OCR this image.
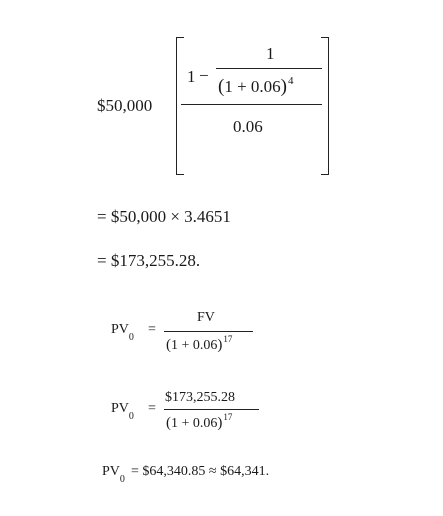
$50,000
1 −
1
$(1 + 0.06)^4$
0.06
= $50,000 × 3.4651
= $173,255.28.
$PV_0$
=
FV
$(1 + 0.06)^{17}$
$PV_0$
=
$173,255.28
$(1 + 0.06)^{17}$
$PV_0$
= $64,340.85 ≈ $64,341.
